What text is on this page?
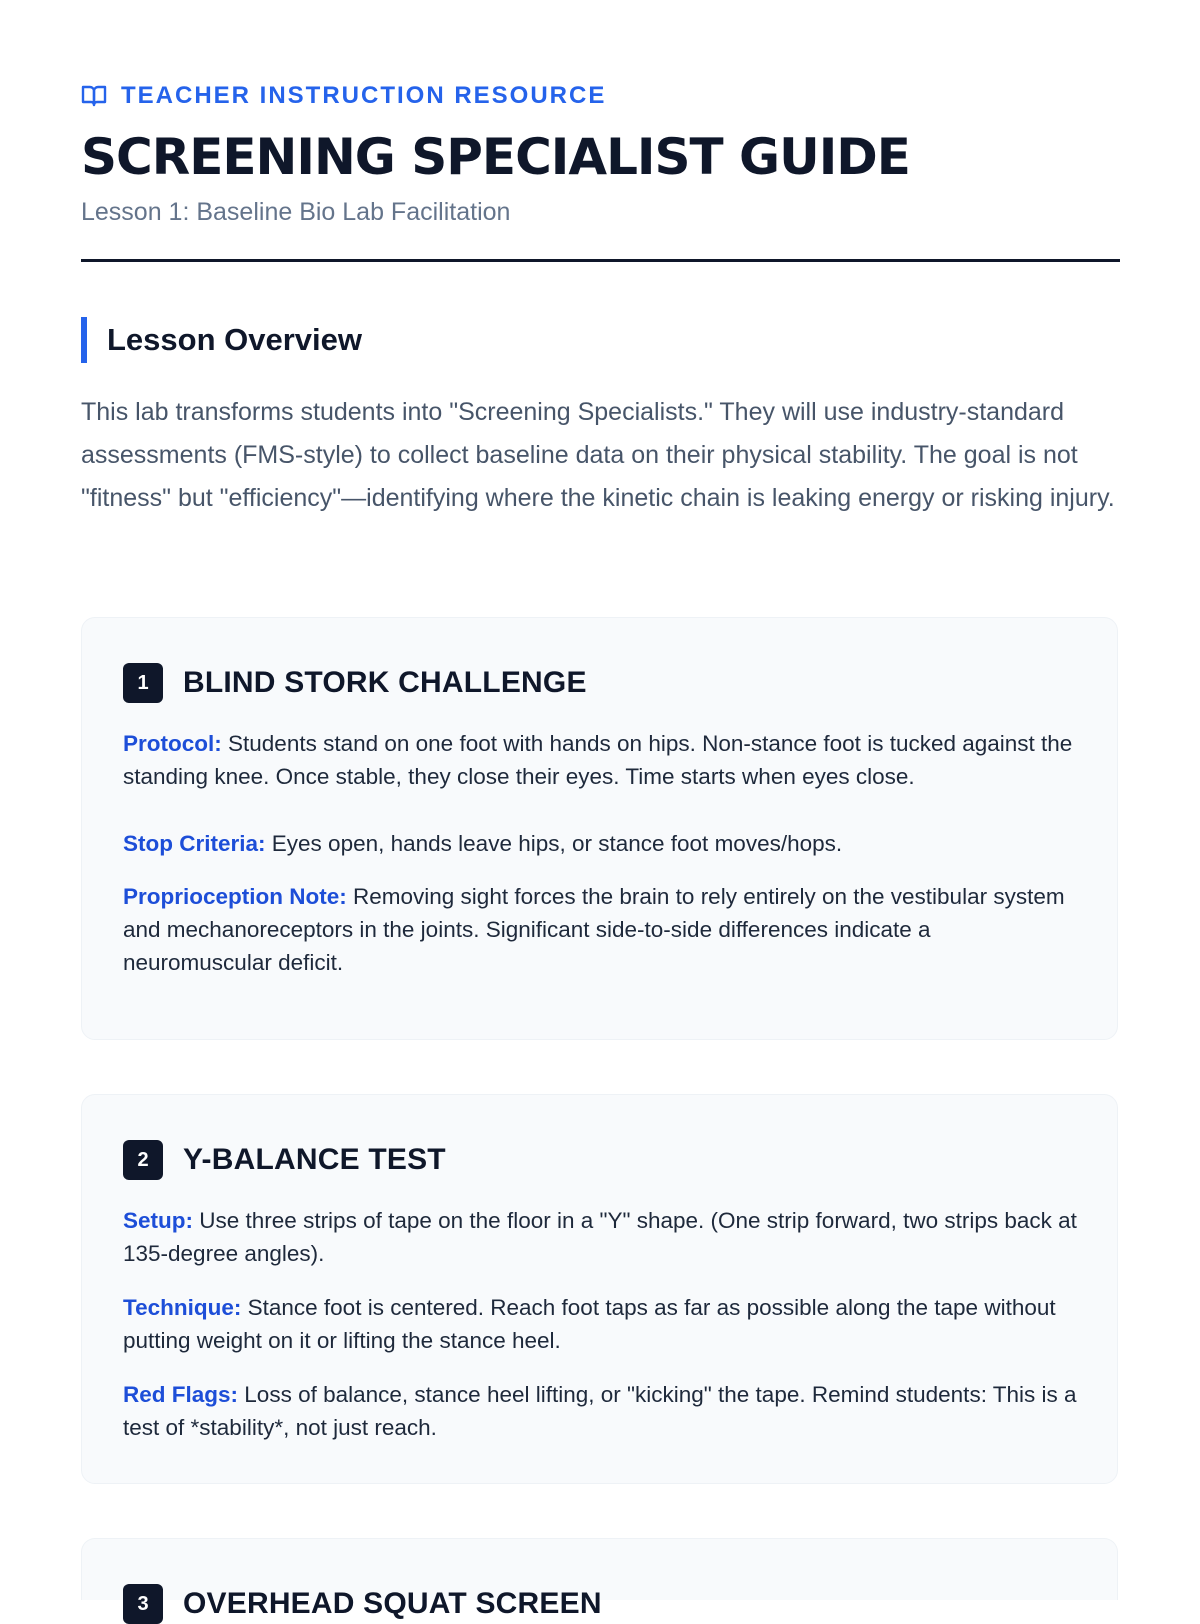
TEACHER INSTRUCTION RESOURCE
SCREENING SPECIALIST GUIDE
Lesson 1: Baseline Bio Lab Facilitation
Lesson Overview

This lab transforms students into "Screening Specialists." They will use industry-standard assessments (FMS-style) to collect baseline data on their physical stability. The goal is not "fitness" but "efficiency"—identifying where the kinetic chain is leaking energy or risking injury.

1	BLIND STORK CHALLENGE

Protocol: Students stand on one foot with hands on hips. Non-stance foot is tucked against the standing knee. Once stable, they close their eyes. Time starts when eyes close.

Stop Criteria: Eyes open, hands leave hips, or stance foot moves/hops.

Proprioception Note: Removing sight forces the brain to rely entirely on the vestibular system and mechanoreceptors in the joints. Significant side-to-side differences indicate a neuromuscular deficit.

2	Y-BALANCE TEST

Setup: Use three strips of tape on the floor in a "Y" shape. (One strip forward, two strips back at 135-degree angles).

Technique: Stance foot is centered. Reach foot taps as far as possible along the tape without putting weight on it or lifting the stance heel.

Red Flags: Loss of balance, stance heel lifting, or "kicking" the tape. Remind students: This is a test of *stability*, not just reach.

3	OVERHEAD SQUAT SCREEN
